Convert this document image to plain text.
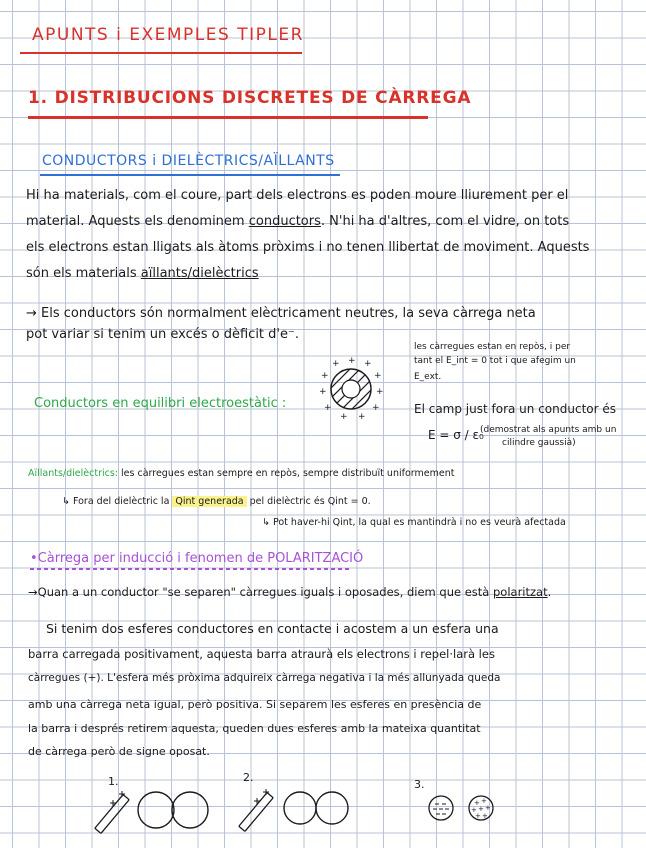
APUNTS i EXEMPLES TIPLER
1. DISTRIBUCIONS DISCRETES DE CÀRREGA
CONDUCTORS i DIELÈCTRICS/AÏLLANTS
Hi ha materials, com el coure, part dels electrons es poden moure lliurement per el
material. Aquests els denominem conductors. N'hi ha d'altres, com el vidre, on tots
els electrons estan lligats als àtoms pròxims i no tenen llibertat de moviment. Aquests
són els materials aïllants/dielèctrics
→ Els conductors són normalment elèctricament neutres, la seva càrrega neta
pot variar si tenim un excés o dèficit d'e⁻.
les càrregues estan en repòs, i per
tant el E_int = 0 tot i que afegim un
E_ext.
Conductors en equilibri electroestàtic :
+ + +
+
+
+
+
+
+
+
+
El camp just fora un conductor és
E = σ / ε₀
(demostrat als apunts amb un
cilindre gaussià)
Aïllants/dielèctrics: les càrregues estan sempre en repòs, sempre distribuït uniformement
↳ Fora del dielèctric la Qint generada pel dielèctric és Qint = 0.
↳ Pot haver-hi Qint, la qual es mantindrà i no es veurà afectada
•Càrrega per inducció i fenomen de POLARITZACIÓ
→Quan a un conductor "se separen" càrregues iguals i oposades, diem que està polaritzat.
Si tenim dos esferes conductores en contacte i acostem a un esfera una
barra carregada positivament, aquesta barra atraurà els electrons i repel·larà les
càrregues (+). L'esfera més pròxima adquireix càrrega negativa i la més allunyada queda
amb una càrrega neta igual, però positiva. Si separem les esferes en presència de
la barra i després retirem aquesta, queden dues esferes amb la mateixa quantitat
de càrrega però de signe oposat.
1.	2.
3.
+ +
+ + +
+ +
